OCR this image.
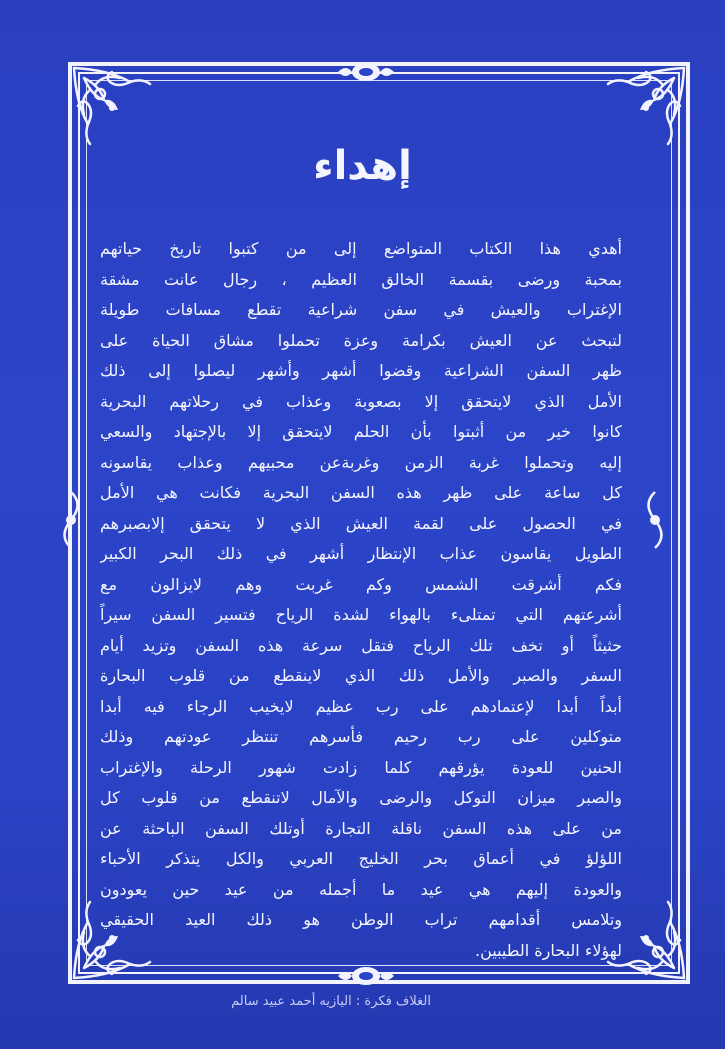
إهداء
أهدي هذا الكتاب المتواضع إلى من كتبوا تاريخ حياتهم
بمحبة ورضى بقسمة الخالق العظيم ، رجال عانت مشقة
الإغتراب والعيش في سفن شراعية تقطع مسافات طويلة
لتبحث عن العيش بكرامة وعزة تحملوا مشاق الحياة على
ظهر السفن الشراعية وقضوا أشهر وأشهر ليصلوا إلى ذلك
الأمل الذي لايتحقق إلا بصعوبة وعذاب في رحلاتهم البحرية
كانوا خير من أثبتوا بأن الحلم لايتحقق إلا بالإجتهاد والسعي
إليه وتحملوا غربة الزمن وغربةعن محبيهم وعذاب يقاسونه
كل ساعة على ظهر هذه السفن البحرية فكانت هي الأمل
في الحصول على لقمة العيش الذي لا يتحقق إلابصبرهم
الطويل يقاسون عذاب الإنتظار أشهر في ذلك البحر الكبير
فكم أشرقت الشمس وكم غربت وهم لايزالون مع
أشرعتهم التي تمتلىء بالهواء لشدة الرياح فتسير السفن سيراً
حثيثاً أو تخف تلك الرياح فتقل سرعة هذه السفن وتزيد أيام
السفر والصبر والأمل ذلك الذي لاينقطع من قلوب البحارة
أبداً أبدا لإعتمادهم على رب عظيم لايخيب الرجاء فيه أبدا
متوكلين على رب رحيم فأسرهم تنتظر عودتهم وذلك
الحنين للعودة يؤرقهم كلما زادت شهور الرحلة والإغتراب
والصبر ميزان التوكل والرضى والآمال لاتنقطع من قلوب كل
من على هذه السفن ناقلة التجارة أوتلك السفن الباحثة عن
اللؤلؤ في أعماق بحر الخليج العربي والكل يتذكر الأحباء
والعودة إليهم هي عيد ما أجمله من عيد حين يعودون
وتلامس أقدامهم تراب الوطن هو ذلك العيد الحقيقي
لهؤلاء البحارة الطيبين.
الغلاف فكرة : اليازيه أحمد عبيد سالم
